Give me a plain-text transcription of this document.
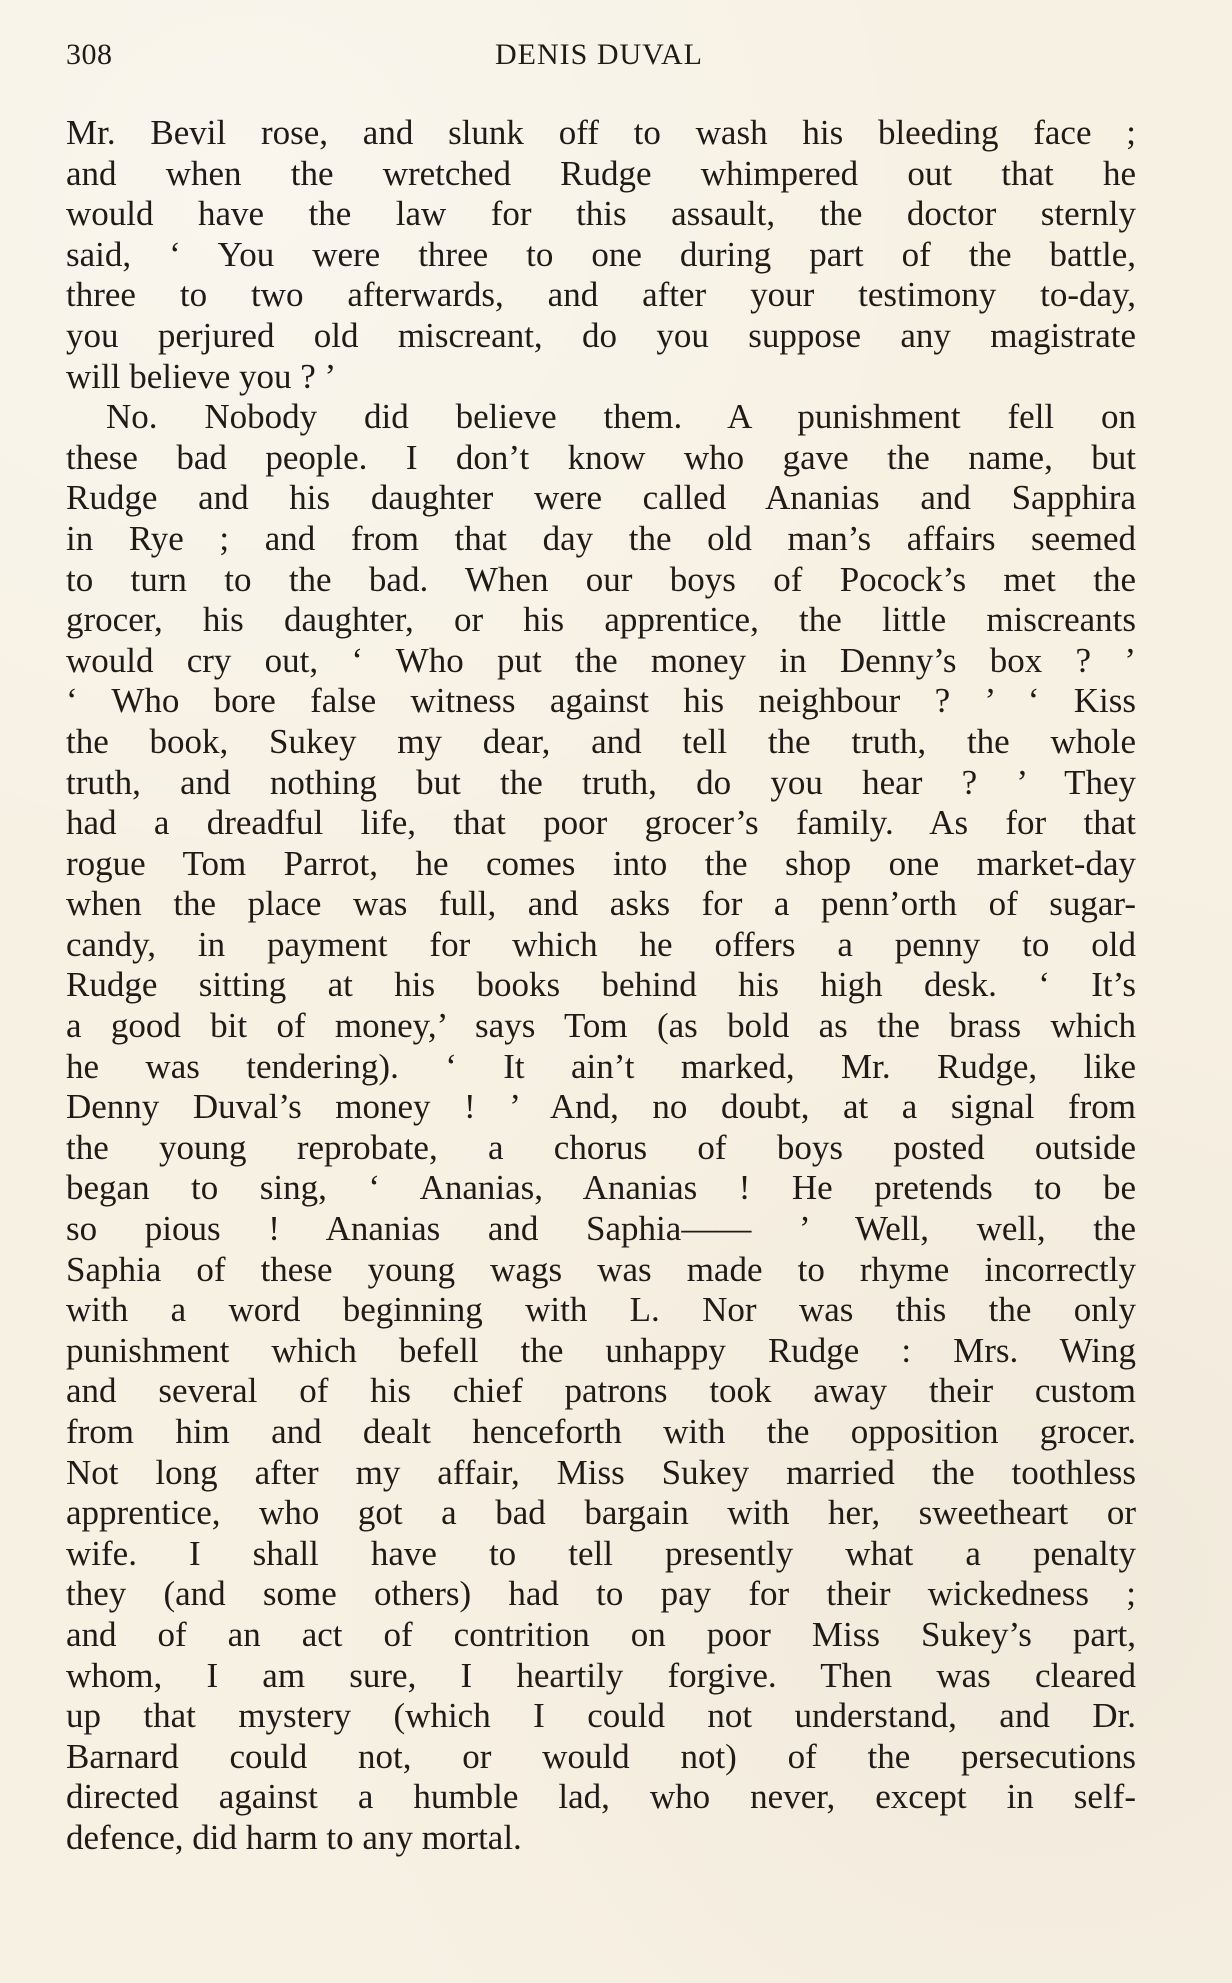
308	DENIS DUVAL
Mr. Bevil rose, and slunk off to wash his bleeding face ;
and when the wretched Rudge whimpered out that he
would have the law for this assault, the doctor sternly
said, ‘ You were three to one during part of the battle,
three to two afterwards, and after your testimony to-day,
you perjured old miscreant, do you suppose any magistrate
will believe you ? ’
No. Nobody did believe them. A punishment fell on
these bad people. I don’t know who gave the name, but
Rudge and his daughter were called Ananias and Sapphira
in Rye ; and from that day the old man’s affairs seemed
to turn to the bad. When our boys of Pocock’s met the
grocer, his daughter, or his apprentice, the little miscreants
would cry out, ‘ Who put the money in Denny’s box ? ’
‘ Who bore false witness against his neighbour ? ’ ‘ Kiss
the book, Sukey my dear, and tell the truth, the whole
truth, and nothing but the truth, do you hear ? ’ They
had a dreadful life, that poor grocer’s family. As for that
rogue Tom Parrot, he comes into the shop one market-day
when the place was full, and asks for a penn’orth of sugar-
candy, in payment for which he offers a penny to old
Rudge sitting at his books behind his high desk. ‘ It’s
a good bit of money,’ says Tom (as bold as the brass which
he was tendering). ‘ It ain’t marked, Mr. Rudge, like
Denny Duval’s money ! ’ And, no doubt, at a signal from
the young reprobate, a chorus of boys posted outside
began to sing, ‘ Ananias, Ananias ! He pretends to be
so pious ! Ananias and Saphia—— ’ Well, well, the
Saphia of these young wags was made to rhyme incorrectly
with a word beginning with L. Nor was this the only
punishment which befell the unhappy Rudge : Mrs. Wing
and several of his chief patrons took away their custom
from him and dealt henceforth with the opposition grocer.
Not long after my affair, Miss Sukey married the toothless
apprentice, who got a bad bargain with her, sweetheart or
wife. I shall have to tell presently what a penalty
they (and some others) had to pay for their wickedness ;
and of an act of contrition on poor Miss Sukey’s part,
whom, I am sure, I heartily forgive. Then was cleared
up that mystery (which I could not understand, and Dr.
Barnard could not, or would not) of the persecutions
directed against a humble lad, who never, except in self-
defence, did harm to any mortal.
